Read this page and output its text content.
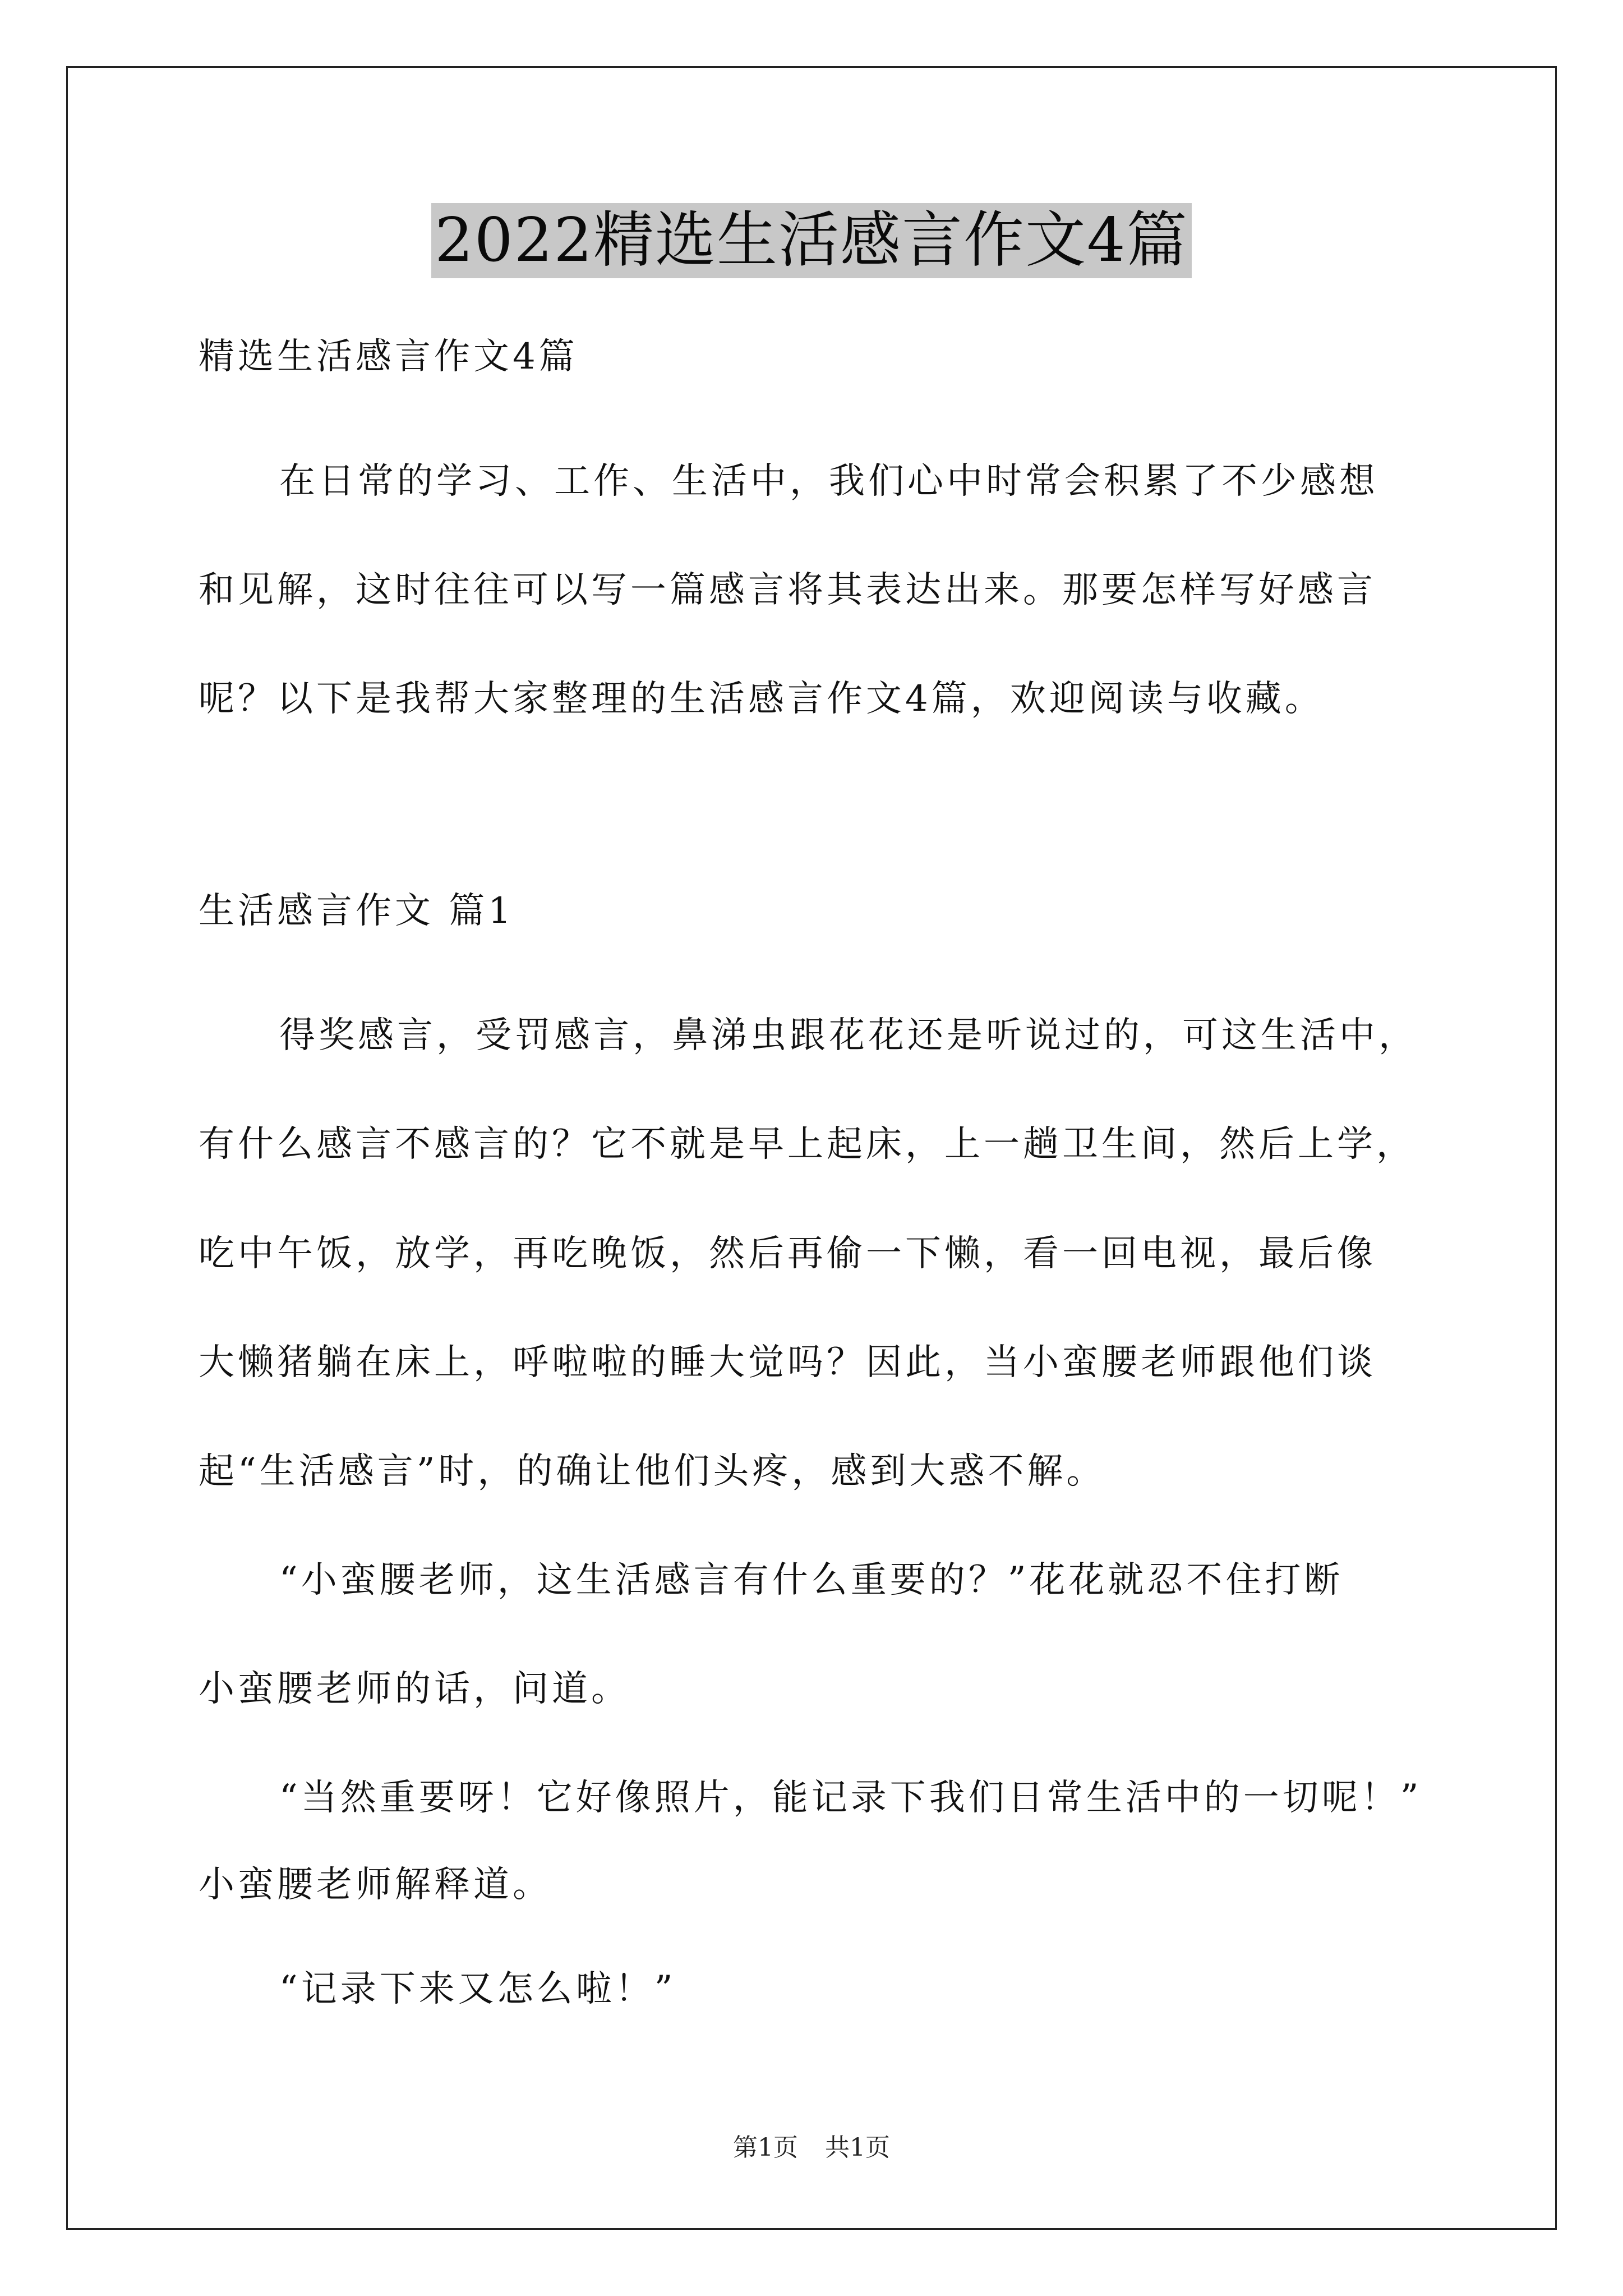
2022精选生活感言作文4篇
精选生活感言作文4篇
在日常的学习、工作、生活中，我们心中时常会积累了不少感想
和见解，这时往往可以写一篇感言将其表达出来。那要怎样写好感言
呢？以下是我帮大家整理的生活感言作文4篇，欢迎阅读与收藏。
生活感言作文 篇1
得奖感言，受罚感言，鼻涕虫跟花花还是听说过的，可这生活中，
有什么感言不感言的？它不就是早上起床，上一趟卫生间，然后上学，
吃中午饭，放学，再吃晚饭，然后再偷一下懒，看一回电视，最后像
大懒猪躺在床上，呼啦啦的睡大觉吗？因此，当小蛮腰老师跟他们谈
起“生活感言”时，的确让他们头疼，感到大惑不解。
“小蛮腰老师，这生活感言有什么重要的？”花花就忍不住打断
小蛮腰老师的话，问道。
“当然重要呀！它好像照片，能记录下我们日常生活中的一切呢！”
小蛮腰老师解释道。
“记录下来又怎么啦！”
第1页 共1页
